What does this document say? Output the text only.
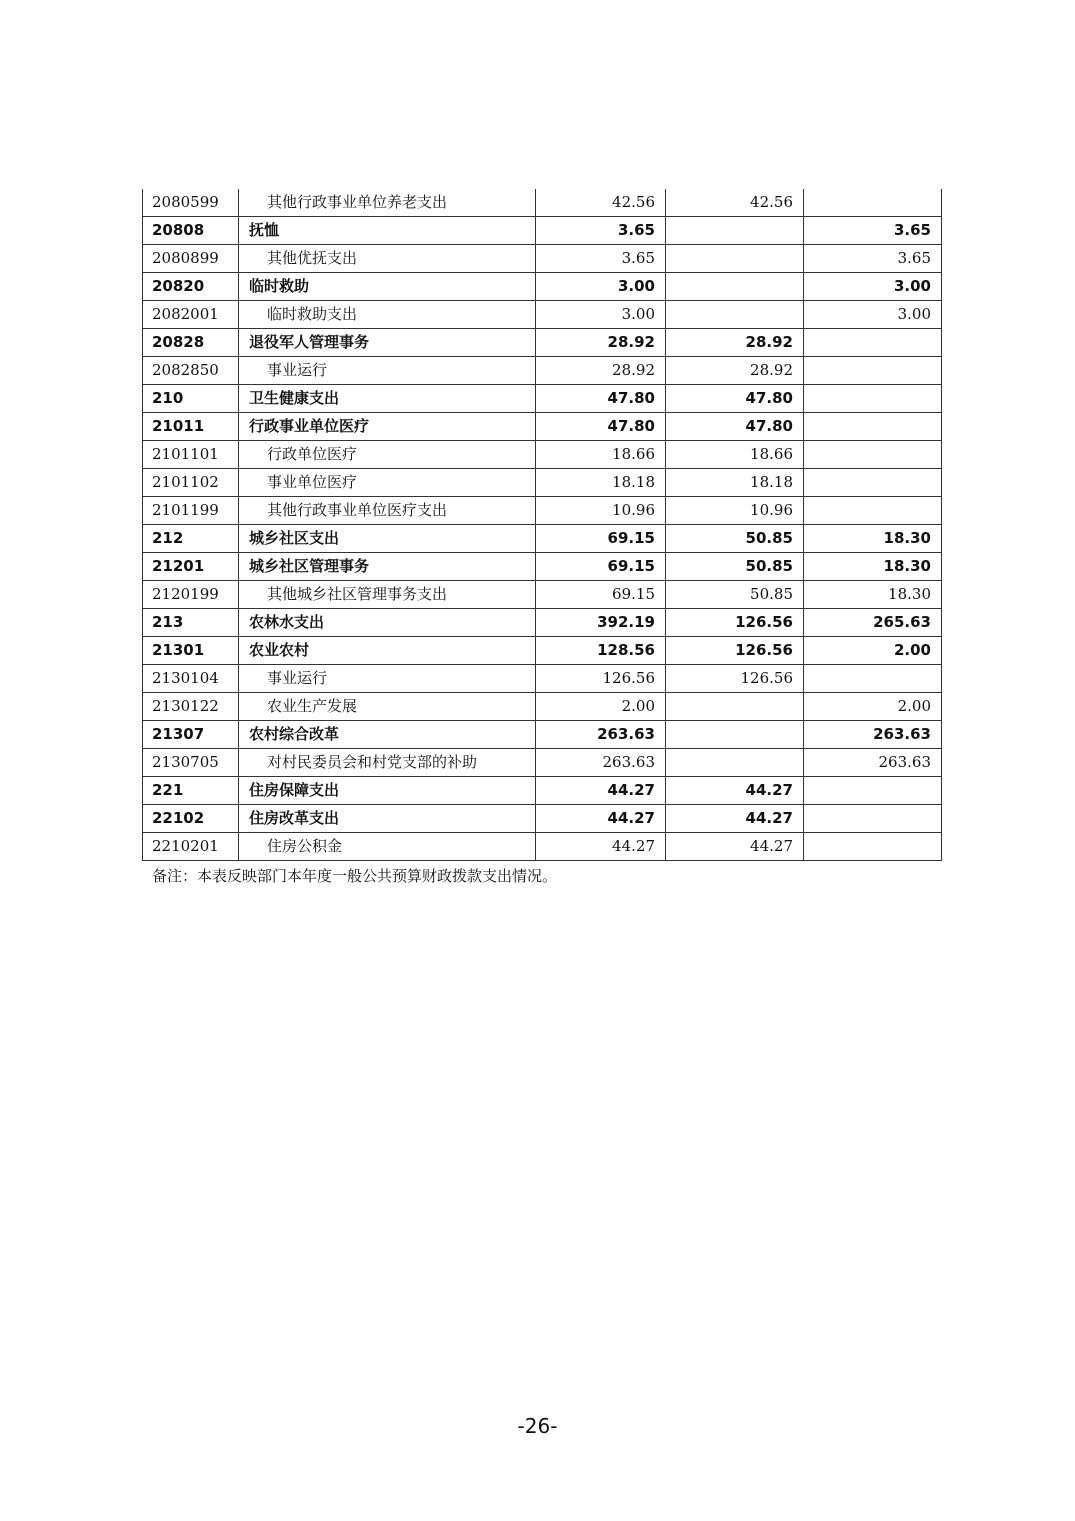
2080599	其他行政事业单位养老支出	42.56	42.56	
20808	抚恤	3.65		3.65
2080899	其他优抚支出	3.65		3.65
20820	临时救助	3.00		3.00
2082001	临时救助支出	3.00		3.00
20828	退役军人管理事务	28.92	28.92	
2082850	事业运行	28.92	28.92	
210	卫生健康支出	47.80	47.80	
21011	行政事业单位医疗	47.80	47.80	
2101101	行政单位医疗	18.66	18.66	
2101102	事业单位医疗	18.18	18.18	
2101199	其他行政事业单位医疗支出	10.96	10.96	
212	城乡社区支出	69.15	50.85	18.30
21201	城乡社区管理事务	69.15	50.85	18.30
2120199	其他城乡社区管理事务支出	69.15	50.85	18.30
213	农林水支出	392.19	126.56	265.63
21301	农业农村	128.56	126.56	2.00
2130104	事业运行	126.56	126.56	
2130122	农业生产发展	2.00		2.00
21307	农村综合改革	263.63		263.63
2130705	对村民委员会和村党支部的补助	263.63		263.63
221	住房保障支出	44.27	44.27	
22102	住房改革支出	44.27	44.27	
2210201	住房公积金	44.27	44.27	
备注：本表反映部门本年度一般公共预算财政拨款支出情况。
-26-
